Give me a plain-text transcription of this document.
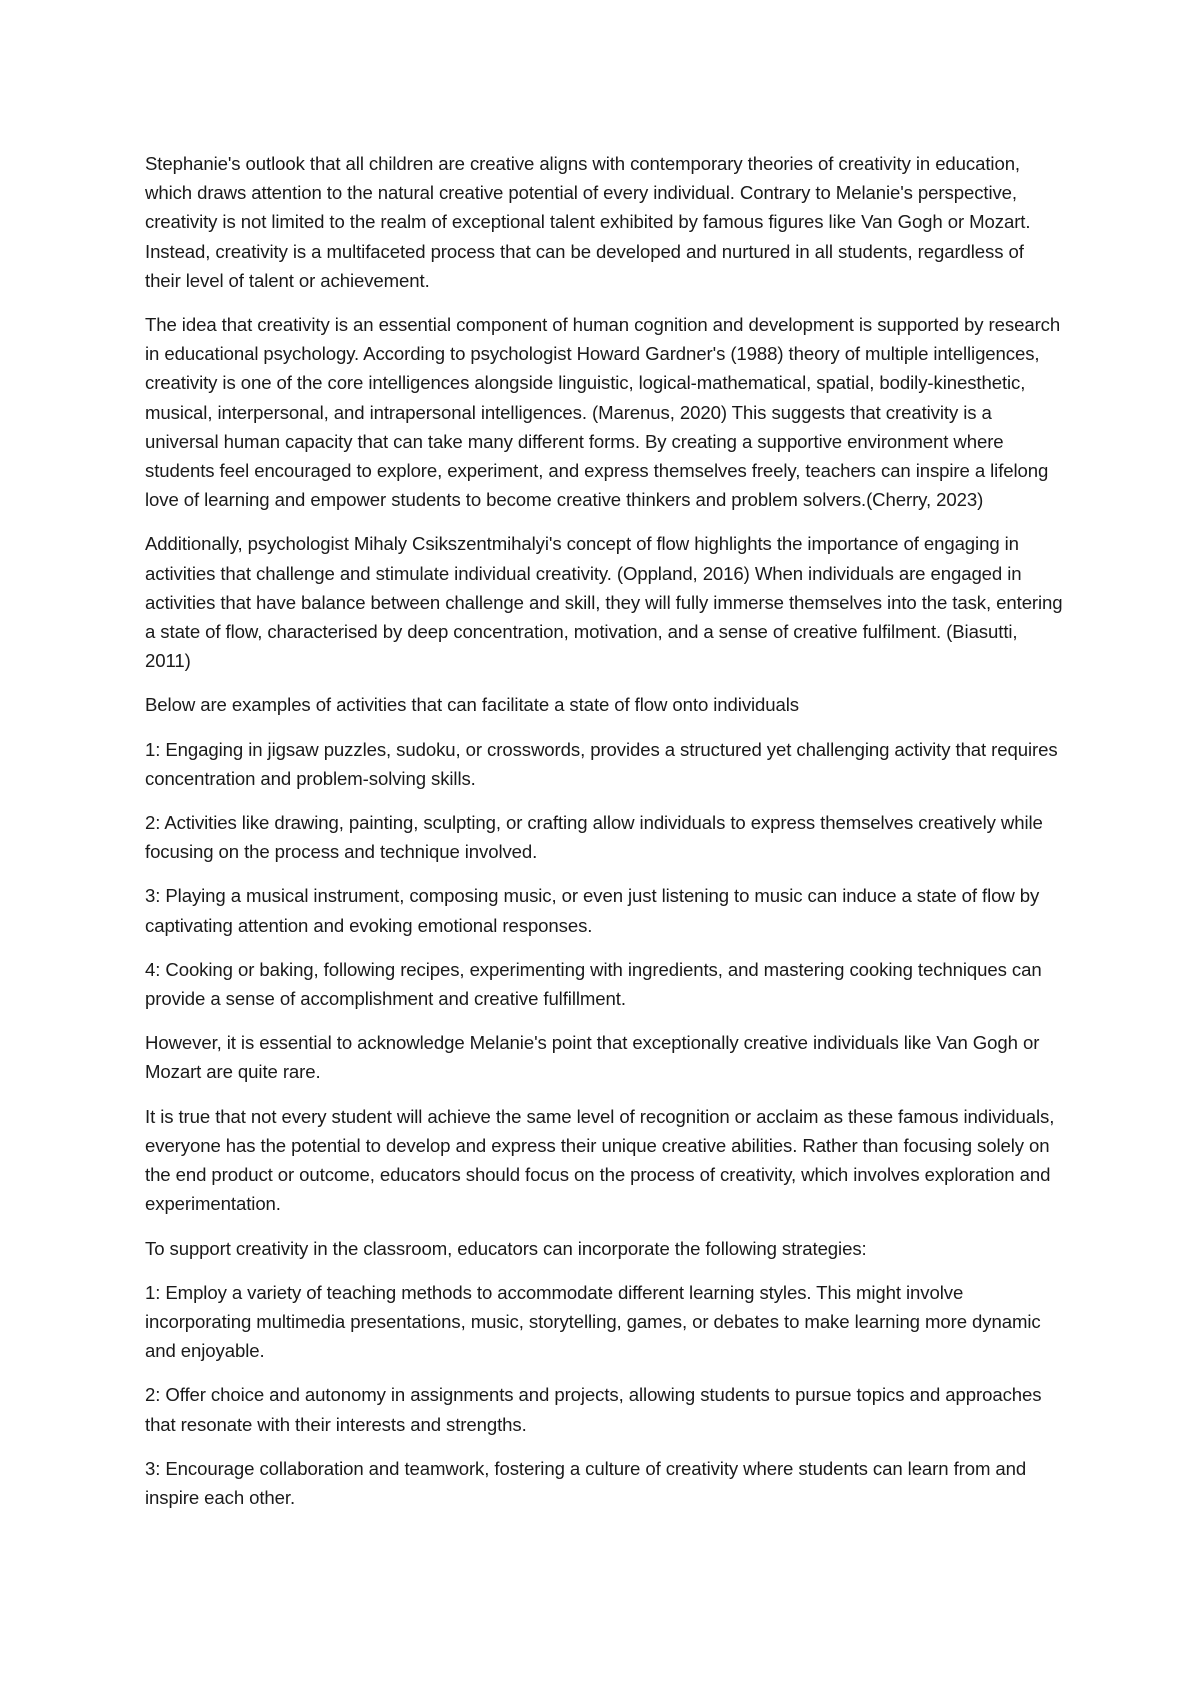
Stephanie's outlook that all children are creative aligns with contemporary theories of creativity in education, which draws attention to the natural creative potential of every individual. Contrary to Melanie's perspective, creativity is not limited to the realm of exceptional talent exhibited by famous figures like Van Gogh or Mozart. Instead, creativity is a multifaceted process that can be developed and nurtured in all students, regardless of their level of talent or achievement.

The idea that creativity is an essential component of human cognition and development is supported by research in educational psychology. According to psychologist Howard Gardner's (1988) theory of multiple intelligences, creativity is one of the core intelligences alongside linguistic, logical-mathematical, spatial, bodily-kinesthetic, musical, interpersonal, and intrapersonal intelligences. (Marenus, 2020) This suggests that creativity is a universal human capacity that can take many different forms. By creating a supportive environment where students feel encouraged to explore, experiment, and express themselves freely, teachers can inspire a lifelong love of learning and empower students to become creative thinkers and problem solvers.(Cherry, 2023)

Additionally, psychologist Mihaly Csikszentmihalyi's concept of flow highlights the importance of engaging in activities that challenge and stimulate individual creativity. (Oppland, 2016) When individuals are engaged in activities that have balance between challenge and skill, they will fully immerse themselves into the task, entering a state of flow, characterised by deep concentration, motivation, and a sense of creative fulfilment. (Biasutti, 2011)

Below are examples of activities that can facilitate a state of flow onto individuals

1: Engaging in jigsaw puzzles, sudoku, or crosswords, provides a structured yet challenging activity that requires concentration and problem-solving skills.

2: Activities like drawing, painting, sculpting, or crafting allow individuals to express themselves creatively while focusing on the process and technique involved.

3: Playing a musical instrument, composing music, or even just listening to music can induce a state of flow by captivating attention and evoking emotional responses.

4: Cooking or baking, following recipes, experimenting with ingredients, and mastering cooking techniques can provide a sense of accomplishment and creative fulfillment.

However, it is essential to acknowledge Melanie's point that exceptionally creative individuals like Van Gogh or Mozart are quite rare.

It is true that not every student will achieve the same level of recognition or acclaim as these famous individuals, everyone has the potential to develop and express their unique creative abilities. Rather than focusing solely on the end product or outcome, educators should focus on the process of creativity, which involves exploration and experimentation.

To support creativity in the classroom, educators can incorporate the following strategies:

1: Employ a variety of teaching methods to accommodate different learning styles. This might involve incorporating multimedia presentations, music, storytelling, games, or debates to make learning more dynamic and enjoyable.

2: Offer choice and autonomy in assignments and projects, allowing students to pursue topics and approaches that resonate with their interests and strengths.

3: Encourage collaboration and teamwork, fostering a culture of creativity where students can learn from and inspire each other.
